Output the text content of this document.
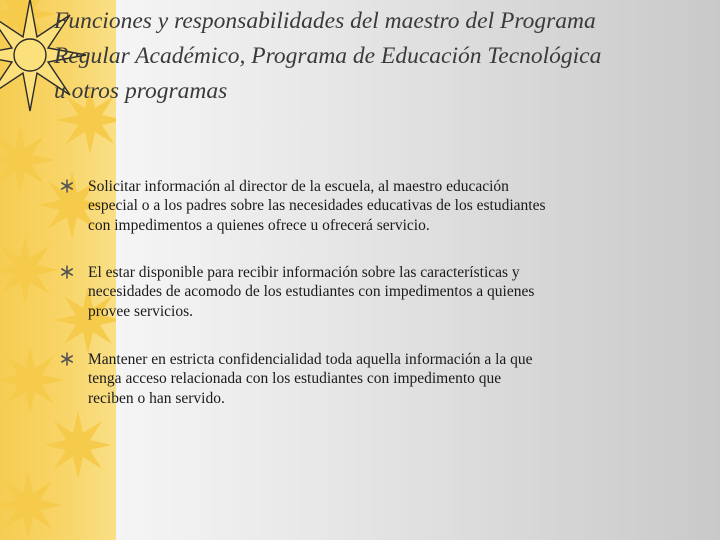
Funciones y responsabilidades del maestro del Programa
Regular Académico, Programa de Educación Tecnológica
u otros programas
Solicitar información al director de la escuela, al maestro educación
especial o a los padres sobre las necesidades educativas de los estudiantes
con impedimentos a quienes ofrece u ofrecerá servicio.
El estar disponible para recibir información sobre las características y
necesidades de acomodo de los estudiantes con impedimentos a quienes
provee servicios.
Mantener en estricta confidencialidad toda aquella información a la que
tenga acceso relacionada con los estudiantes con impedimento que
reciben o han servido.
